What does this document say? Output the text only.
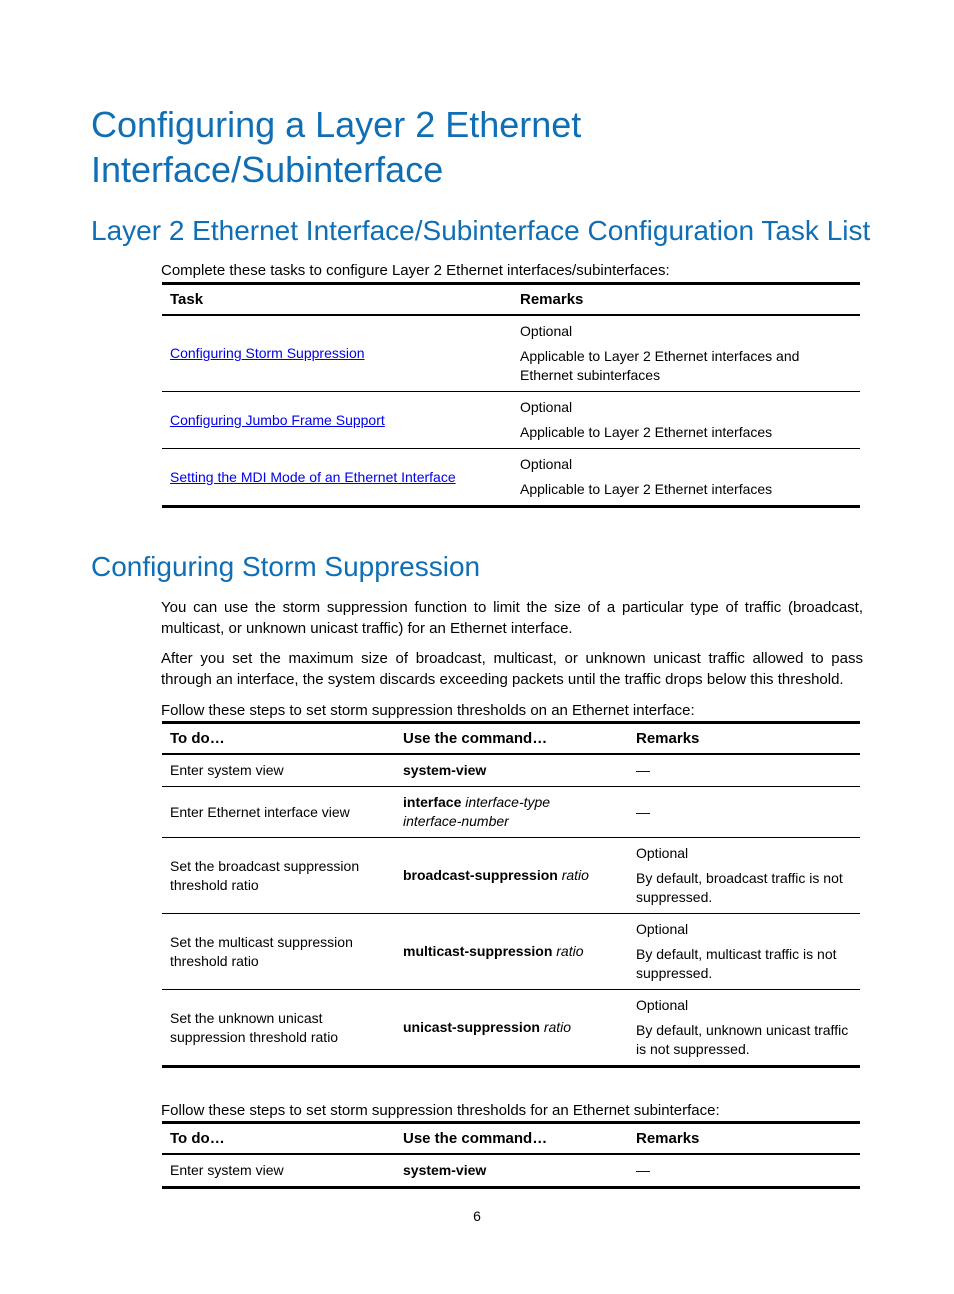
Configuring a Layer 2 Ethernet Interface/Subinterface
Layer 2 Ethernet Interface/Subinterface Configuration Task List

Complete these tasks to configure Layer 2 Ethernet interfaces/subinterfaces:

Task	Remarks
Configuring Storm Suppression	Optional
Applicable to Layer 2 Ethernet interfaces and Ethernet subinterfaces

Configuring Jumbo Frame Support	Optional
Applicable to Layer 2 Ethernet interfaces

Setting the MDI Mode of an Ethernet Interface	Optional
Applicable to Layer 2 Ethernet interfaces
Configuring Storm Suppression

You can use the storm suppression function to limit the size of a particular type of traffic (broadcast, multicast, or unknown unicast traffic) for an Ethernet interface.

After you set the maximum size of broadcast, multicast, or unknown unicast traffic allowed to pass through an interface, the system discards exceeding packets until the traffic drops below this threshold.

Follow these steps to set storm suppression thresholds on an Ethernet interface:

To do…	Use the command…	Remarks
Enter system view	system-view	—
Enter Ethernet interface view	interface interface-type
interface-number	—
Set the broadcast suppression threshold ratio	broadcast-suppression ratio	Optional
By default, broadcast traffic is not suppressed.

Set the multicast suppression threshold ratio	multicast-suppression ratio	Optional
By default, multicast traffic is not suppressed.

Set the unknown unicast suppression threshold ratio	unicast-suppression ratio	Optional
By default, unknown unicast traffic is not suppressed.

Follow these steps to set storm suppression thresholds for an Ethernet subinterface:

To do…	Use the command…	Remarks
Enter system view	system-view	—
6
